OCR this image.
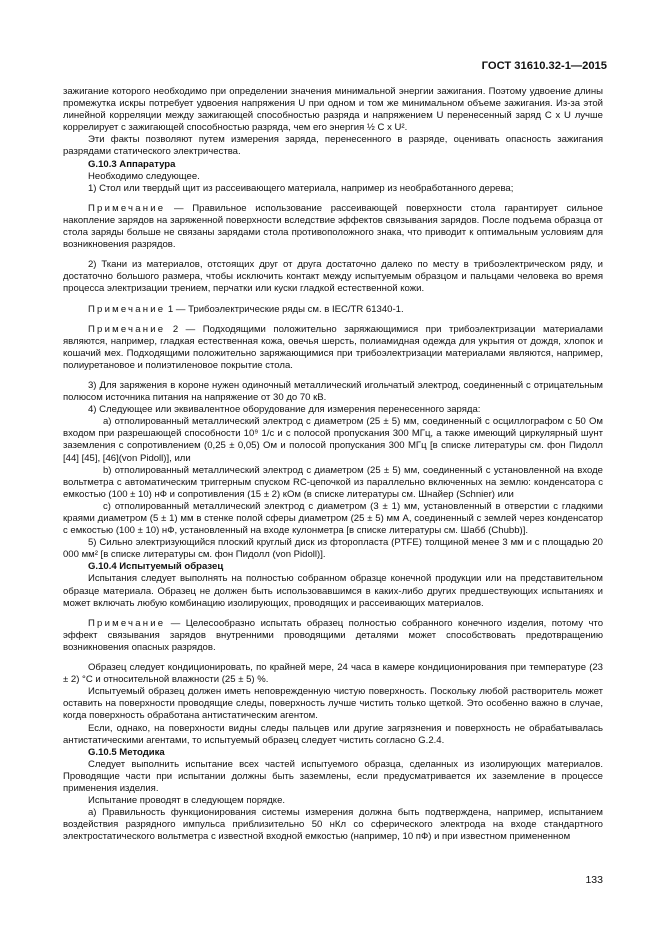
ГОСТ 31610.32-1—2015

зажигание которого необходимо при определении значения минимальной энергии зажигания. Поэтому удвоение длины промежутка искры потребует удвоения напряжения U при одном и том же минимальном объеме зажигания. Из-за этой линейной корреляции между зажигающей способностью разряда и напряжением U перенесенный заряд C x U лучше коррелирует с зажигающей способностью разряда, чем его энергия ½ C x U².

Эти факты позволяют путем измерения заряда, перенесенного в разряде, оценивать опасность зажигания разрядами статического электричества.

G.10.3 Аппаратура

Необходимо следующее.

1) Стол или твердый щит из рассеивающего материала, например из необработанного дерева;

Примечание — Правильное использование рассеивающей поверхности стола гарантирует сильное накопление зарядов на заряженной поверхности вследствие эффектов связывания зарядов. После подъема образца от стола заряды больше не связаны зарядами стола противоположного знака, что приводит к оптимальным условиям для возникновения разрядов.

2) Ткани из материалов, отстоящих друг от друга достаточно далеко по месту в трибоэлектрическом ряду, и достаточно большого размера, чтобы исключить контакт между испытуемым образцом и пальцами человека во время процесса электризации трением, перчатки или куски гладкой естественной кожи.

Примечание 1 — Трибоэлектрические ряды см. в IEC/TR 61340-1.

Примечание 2 — Подходящими положительно заряжающимися при трибоэлектризации материалами являются, например, гладкая естественная кожа, овечья шерсть, полиамидная одежда для укрытия от дождя, хлопок и кошачий мех. Подходящими положительно заряжающимися при трибоэлектризации материалами являются, например, полиуретановое и полиэтиленовое покрытие стола.

3) Для заряжения в короне нужен одиночный металлический игольчатый электрод, соединенный с отрицательным полюсом источника питания на напряжение от 30 до 70 кВ.

4) Следующее или эквивалентное оборудование для измерения перенесенного заряда:

a) отполированный металлический электрод с диаметром (25 ± 5) мм, соединенный с осциллографом с 50 Ом входом при разрешающей способности 10⁹ 1/с и с полосой пропускания 300 МГц, а также имеющий циркулярный шунт заземления с сопротивлением (0,25 ± 0,05) Ом и полосой пропускания 300 МГц [в списке литературы см. фон Пидолл [44] [45], [46](von Pidoll)], или

b) отполированный металлический электрод с диаметром (25 ± 5) мм, соединенный с установленной на входе вольтметра с автоматическим триггерным спуском RC-цепочкой из параллельно включенных на землю: конденсатора с емкостью (100 ± 10) нФ и сопротивления (15 ± 2) кОм (в списке литературы см. Шнайер (Schnier) или

c) отполированный металлический электрод с диаметром (3 ± 1) мм, установленный в отверстии с гладкими краями диаметром (5 ± 1) мм в стенке полой сферы диаметром (25 ± 5) мм А, соединенный с землей через конденсатор с емкостью (100 ± 10) нФ, установленный на входе кулонметра [в списке литературы см. Шабб (Chubb)].

5) Сильно электризующийся плоский круглый диск из фторопласта (PTFE) толщиной менее 3 мм и с площадью 20 000 мм² [в списке литературы см. фон Пидолл (von Pidoll)].

G.10.4 Испытуемый образец

Испытания следует выполнять на полностью собранном образце конечной продукции или на представительном образце материала. Образец не должен быть использовавшимся в каких-либо других предшествующих испытаниях и может включать любую комбинацию изолирующих, проводящих и рассеивающих материалов.

Примечание — Целесообразно испытать образец полностью собранного конечного изделия, потому что эффект связывания зарядов внутренними проводящими деталями может способствовать предотвращению возникновения опасных разрядов.

Образец следует кондиционировать, по крайней мере, 24 часа в камере кондиционирования при температуре (23 ± 2) °C и относительной влажности (25 ± 5) %.

Испытуемый образец должен иметь неповрежденную чистую поверхность. Поскольку любой растворитель может оставить на поверхности проводящие следы, поверхность лучше чистить только щеткой. Это особенно важно в случае, когда поверхность обработана антистатическим агентом.

Если, однако, на поверхности видны следы пальцев или другие загрязнения и поверхность не обрабатывалась антистатическими агентами, то испытуемый образец следует чистить согласно G.2.4.

G.10.5 Методика

Следует выполнить испытание всех частей испытуемого образца, сделанных из изолирующих материалов. Проводящие части при испытании должны быть заземлены, если предусматривается их заземление в процессе применения изделия.

Испытание проводят в следующем порядке.

a) Правильность функционирования системы измерения должна быть подтверждена, например, испытанием воздействия разрядного импульса приблизительно 50 нКл со сферического электрода на входе стандартного электростатического вольтметра с известной входной емкостью (например, 10 пФ) и при известном примененном

133
